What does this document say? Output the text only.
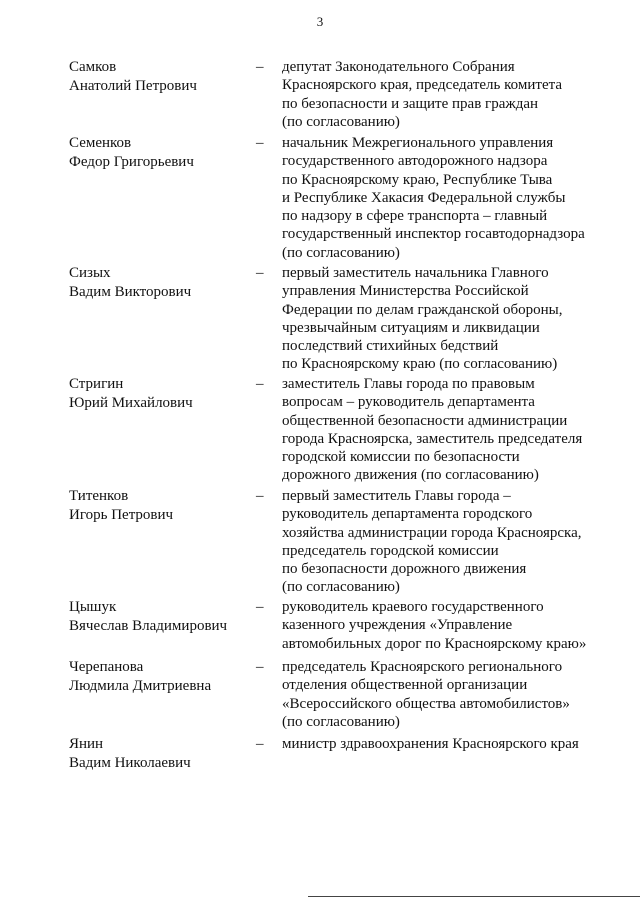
3
Самков
Анатолий Петрович
– депутат Законодательного Собрания
Красноярского края, председатель комитета
по безопасности и защите прав граждан
(по согласованию)
Семенков
Федор Григорьевич
– начальник Межрегионального управления
государственного автодорожного надзора
по Красноярскому краю, Республике Тыва
и Республике Хакасия Федеральной службы
по надзору в сфере транспорта – главный
государственный инспектор госавтодорнадзора
(по согласованию)
Сизых
Вадим Викторович
– первый заместитель начальника Главного
управления Министерства Российской
Федерации по делам гражданской обороны,
чрезвычайным ситуациям и ликвидации
последствий стихийных бедствий
по Красноярскому краю (по согласованию)
Стригин
Юрий Михайлович
– заместитель Главы города по правовым
вопросам – руководитель департамента
общественной безопасности администрации
города Красноярска, заместитель председателя
городской комиссии по безопасности
дорожного движения (по согласованию)
Титенков
Игорь Петрович
– первый заместитель Главы города –
руководитель департамента городского
хозяйства администрации города Красноярска,
председатель городской комиссии
по безопасности дорожного движения
(по согласованию)
Цышук
Вячеслав Владимирович
– руководитель краевого государственного
казенного учреждения «Управление
автомобильных дорог по Красноярскому краю»
Черепанова
Людмила Дмитриевна
– председатель Красноярского регионального
отделения общественной организации
«Всероссийского общества автомобилистов»
(по согласованию)
Янин
Вадим Николаевич
– министр здравоохранения Красноярского края
